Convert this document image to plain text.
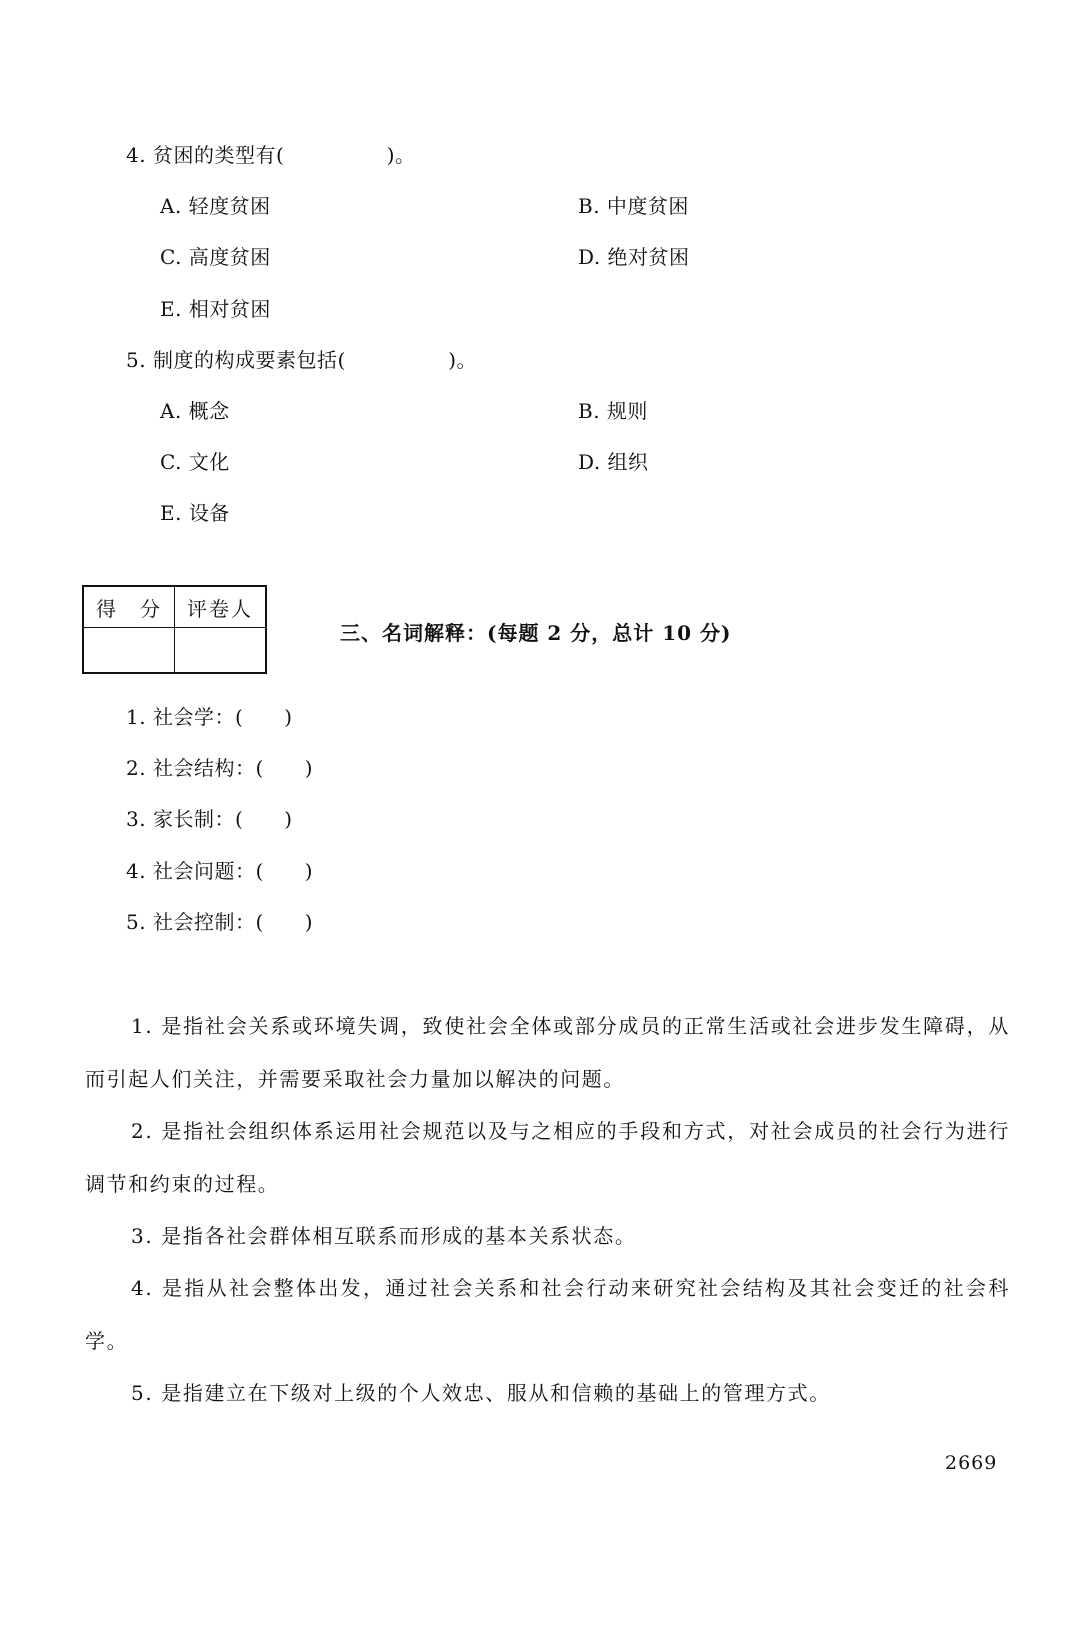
4. 贫困的类型有(　　　　　)。
A. 轻度贫困	B. 中度贫困
C. 高度贫困	D. 绝对贫困
E. 相对贫困
5. 制度的构成要素包括(　　　　　)。
A. 概念	B. 规则
C. 文化	D. 组织
E. 设备
得　分	评卷人

三、名词解释：(每题 2 分，总计 10 分)
1. 社会学：(　　)
2. 社会结构：(　　)
3. 家长制：(　　)
4. 社会问题：(　　)
5. 社会控制：(　　)
1. 是指社会关系或环境失调，致使社会全体或部分成员的正常生活或社会进步发生障碍，从而引起人们关注，并需要采取社会力量加以解决的问题。
2. 是指社会组织体系运用社会规范以及与之相应的手段和方式，对社会成员的社会行为进行调节和约束的过程。
3. 是指各社会群体相互联系而形成的基本关系状态。
4. 是指从社会整体出发，通过社会关系和社会行动来研究社会结构及其社会变迁的社会科学。
5. 是指建立在下级对上级的个人效忠、服从和信赖的基础上的管理方式。
2669
